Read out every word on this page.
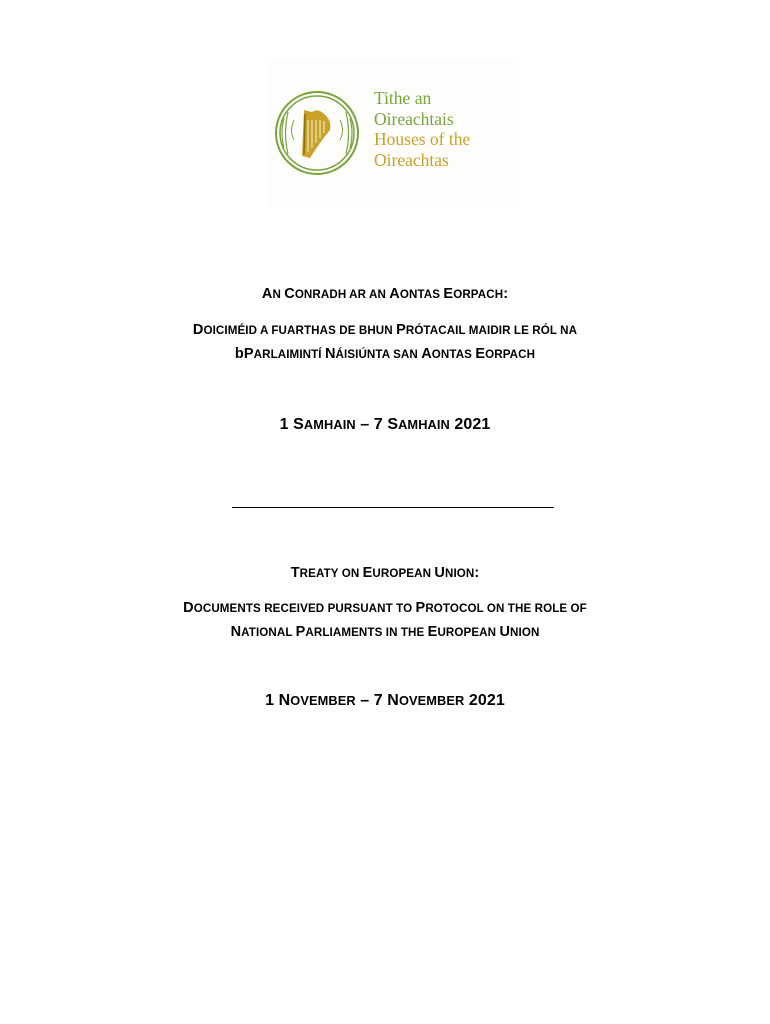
Tithe an
Oireachtais
Houses of the
Oireachtas
AN CONRADH AR AN AONTAS EORPACH:
DOICIMÉID A FUARTHAS DE BHUN PRÓTACAIL MAIDIR LE RÓL NA
bPARLAIMINTÍ NÁISIÚNTA SAN AONTAS EORPACH
1 SAMHAIN – 7 SAMHAIN 2021
TREATY ON EUROPEAN UNION:
DOCUMENTS RECEIVED PURSUANT TO PROTOCOL ON THE ROLE OF
NATIONAL PARLIAMENTS IN THE EUROPEAN UNION
1 NOVEMBER – 7 NOVEMBER 2021
